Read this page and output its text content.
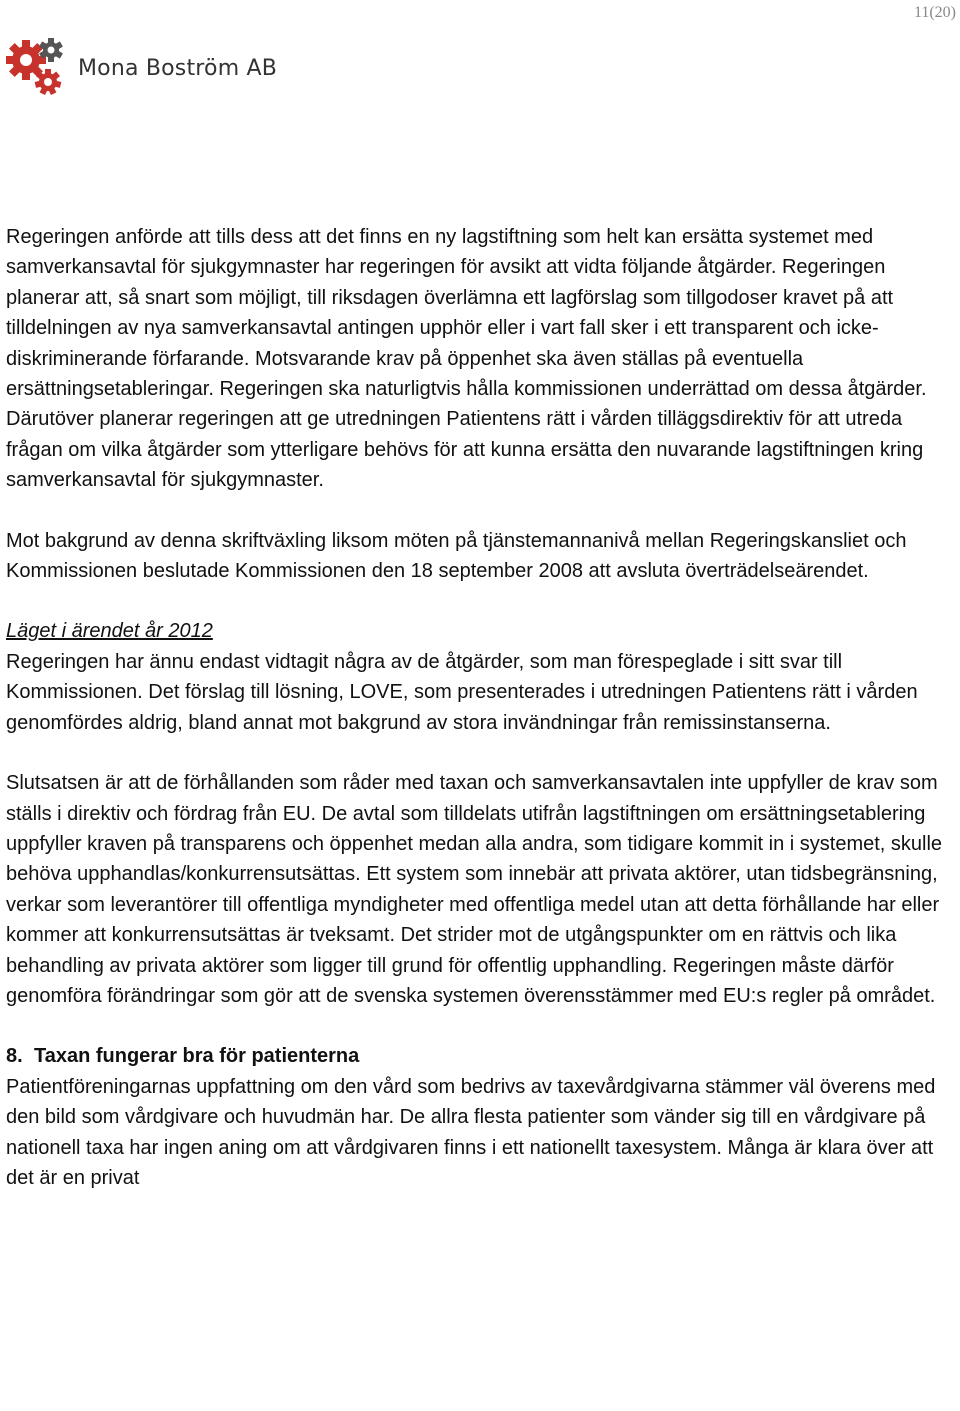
11(20)
Mona Boström AB

Regeringen anförde att tills dess att det finns en ny lagstiftning som helt kan ersätta systemet med samverkansavtal för sjukgymnaster har regeringen för avsikt att vidta följande åtgärder. Regeringen planerar att, så snart som möjligt, till riksdagen överlämna ett lagförslag som tillgodoser kravet på att tilldelningen av nya samverkansavtal antingen upphör eller i vart fall sker i ett transparent och icke-diskriminerande förfarande. Motsvarande krav på öppenhet ska även ställas på eventuella ersättningsetableringar. Regeringen ska naturligtvis hålla kommissionen underrättad om dessa åtgärder. Därutöver planerar regeringen att ge utredningen Patientens rätt i vården tilläggsdirektiv för att utreda frågan om vilka åtgärder som ytterligare behövs för att kunna ersätta den nuvarande lagstiftningen kring samverkansavtal för sjukgymnaster.

Mot bakgrund av denna skriftväxling liksom möten på tjänstemannanivå mellan Regeringskansliet och Kommissionen beslutade Kommissionen den 18 september 2008 att avsluta överträdelseärendet.

Läget i ärendet år 2012

Regeringen har ännu endast vidtagit några av de åtgärder, som man förespeglade i sitt svar till Kommissionen. Det förslag till lösning, LOVE, som presenterades i utredningen Patientens rätt i vården genomfördes aldrig, bland annat mot bakgrund av stora invändningar från remissinstanserna.

Slutsatsen är att de förhållanden som råder med taxan och samverkansavtalen inte uppfyller de krav som ställs i direktiv och fördrag från EU. De avtal som tilldelats utifrån lagstiftningen om ersättningsetablering uppfyller kraven på transparens och öppenhet medan alla andra, som tidigare kommit in i systemet, skulle behöva upphandlas/konkurrensutsättas. Ett system som innebär att privata aktörer, utan tidsbegränsning, verkar som leverantörer till offentliga myndigheter med offentliga medel utan att detta förhållande har eller kommer att konkurrensutsättas är tveksamt. Det strider mot de utgångspunkter om en rättvis och lika behandling av privata aktörer som ligger till grund för offentlig upphandling. Regeringen måste därför genomföra förändringar som gör att de svenska systemen överensstämmer med EU:s regler på området.

8. Taxan fungerar bra för patienterna

Patientföreningarnas uppfattning om den vård som bedrivs av taxevårdgivarna stämmer väl överens med den bild som vårdgivare och huvudmän har. De allra flesta patienter som vänder sig till en vårdgivare på nationell taxa har ingen aning om att vårdgivaren finns i ett nationellt taxesystem. Många är klara över att det är en privat
